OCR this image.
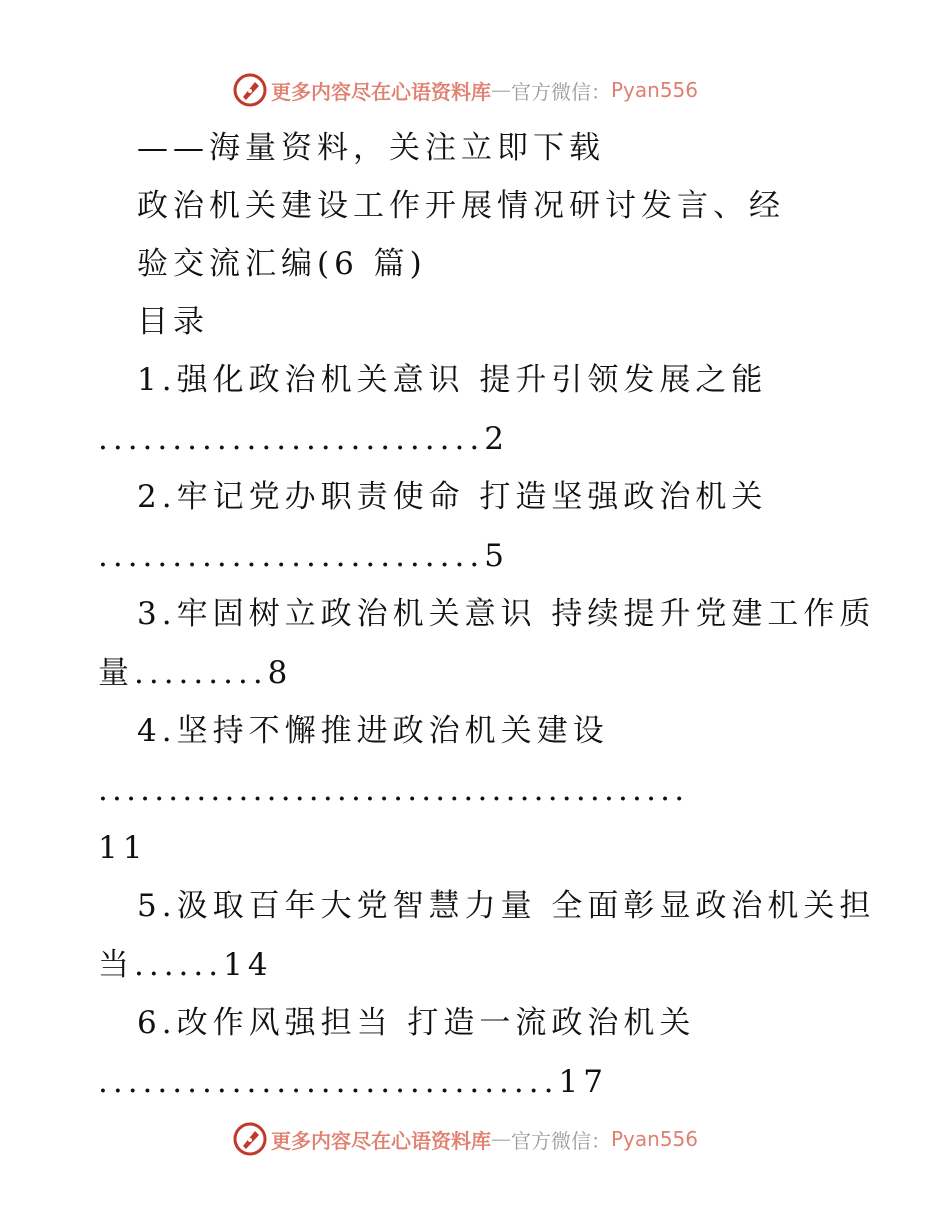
更多内容尽在心语资料库 — 官方微信： Pyan556
——海量资料，关注立即下载
政治机关建设工作开展情况研讨发言、经
验交流汇编(6 篇)
目录
1.强化政治机关意识 提升引领发展之能
..........................2
2.牢记党办职责使命 打造坚强政治机关
..........................5
3.牢固树立政治机关意识 持续提升党建工作质
量.........8
4.坚持不懈推进政治机关建设
..........................................
11
5.汲取百年大党智慧力量 全面彰显政治机关担
当......14
6.改作风强担当 打造一流政治机关
...............................17
更多内容尽在心语资料库 — 官方微信： Pyan556
